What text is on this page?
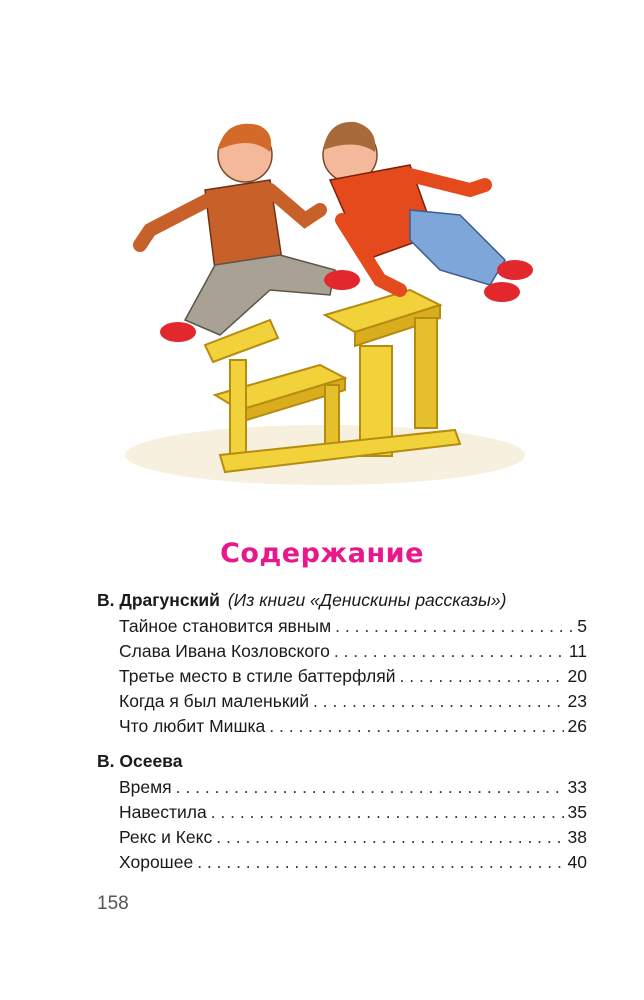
Содержание
В. Драгунский (Из книги «Денискины рассказы»)
Тайное становится явным . . .	5
Слава Ивана Козловского . . .	11
Третье место в стиле баттерфляй . . .	20
Когда я был маленький . . .	23
Что любит Мишка . . .	26
В. Осеева
Время . . .	33
Навестила . . .	35
Рекс и Кекс . . .	38
Хорошее . . .	40
158
